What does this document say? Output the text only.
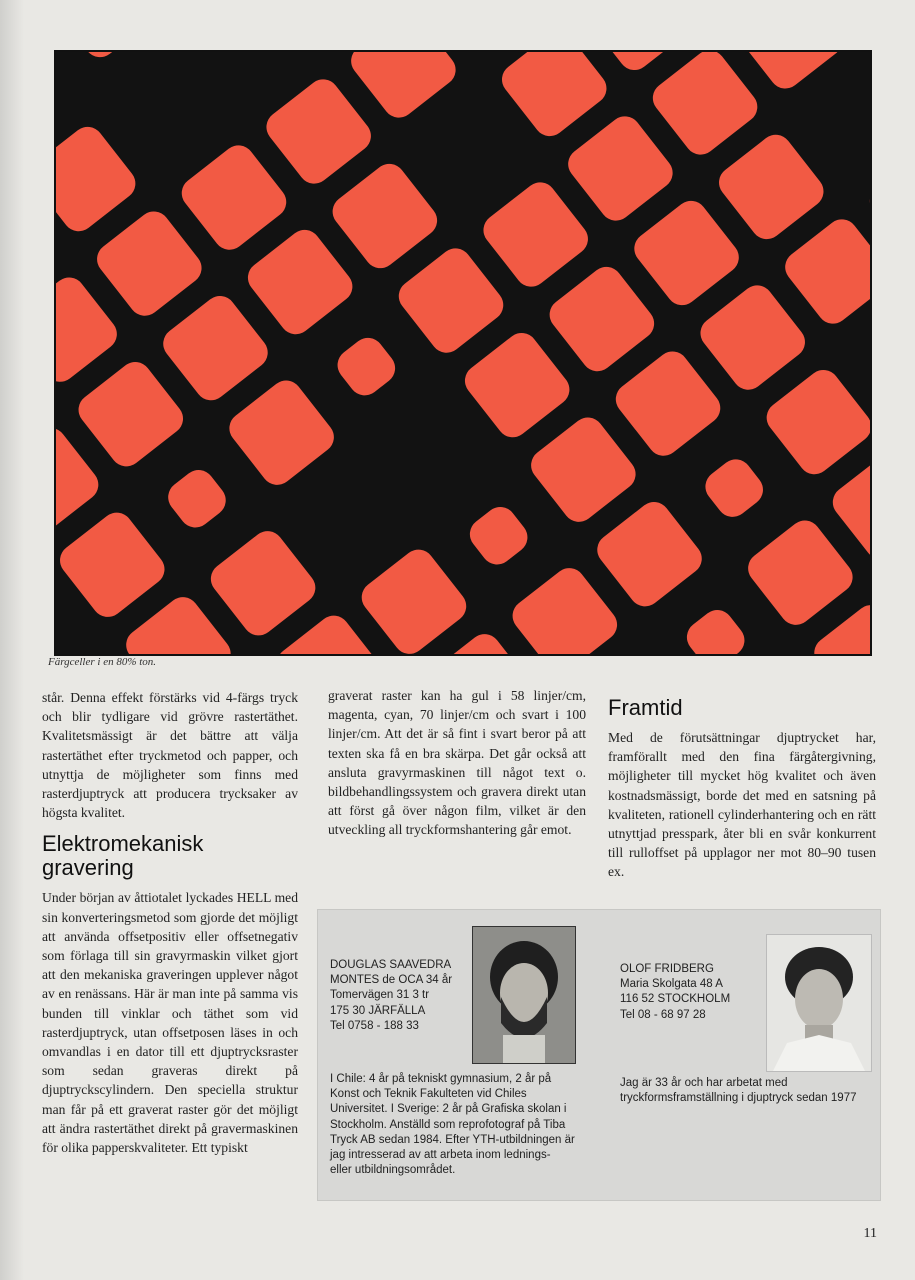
Färgceller i en 80% ton.

står. Denna effekt förstärks vid 4-färgs tryck och blir tydligare vid grövre rastertäthet. Kvalitetsmässigt är det bättre att välja rastertäthet efter tryckmetod och papper, och utnyttja de möjligheter som finns med rasterdjuptryck att producera trycksaker av högsta kvalitet.

Elektromekanisk
gravering

Under början av åttiotalet lyckades HELL med sin konverteringsmetod som gjorde det möjligt att använda offsetpositiv eller offsetnegativ som förlaga till sin gravyrmaskin vilket gjort att den mekaniska graveringen upplever något av en renässans. Här är man inte på samma vis bunden till vinklar och täthet som vid rasterdjuptryck, utan offsetposen läses in och omvandlas i en dator till ett djuptrycksraster som sedan graveras direkt på djuptryckscylindern. Den speciella struktur man får på ett graverat raster gör det möjligt att ändra rastertäthet direkt på gravermaskinen för olika papperskvaliteter. Ett typiskt

graverat raster kan ha gul i 58 linjer/cm, magenta, cyan, 70 linjer/cm och svart i 100 linjer/cm. Att det är så fint i svart beror på att texten ska få en bra skärpa. Det går också att ansluta gravyrmaskinen till något text o. bildbehandlingssystem och gravera direkt utan att först gå över någon film, vilket är den utveckling all tryckformshantering går emot.

Framtid

Med de förutsättningar djuptrycket har, framförallt med den fina färgåtergivning, möjligheter till mycket hög kvalitet och även kostnadsmässigt, borde det med en satsning på kvaliteten, rationell cylinderhantering och en rätt utnyttjad presspark, åter bli en svår konkurrent till rulloffset på upplagor ner mot 80–90 tusen ex.

DOUGLAS SAAVEDRA
MONTES de OCA 34 år
Tomervägen 31 3 tr
175 30 JÄRFÄLLA
Tel 0758 - 188 33
I Chile: 4 år på tekniskt gymnasium, 2 år på Konst och Teknik Fakulteten vid Chiles Universitet. I Sverige: 2 år på Grafiska skolan i Stockholm. Anställd som reprofotograf på Tiba Tryck AB sedan 1984. Efter YTH-utbildningen är jag intresserad av att arbeta inom lednings- eller utbildningsområdet.
OLOF FRIDBERG
Maria Skolgata 48 A
116 52 STOCKHOLM
Tel 08 - 68 97 28
Jag är 33 år och har arbetat med tryckformsframställning i djuptryck sedan 1977
11
